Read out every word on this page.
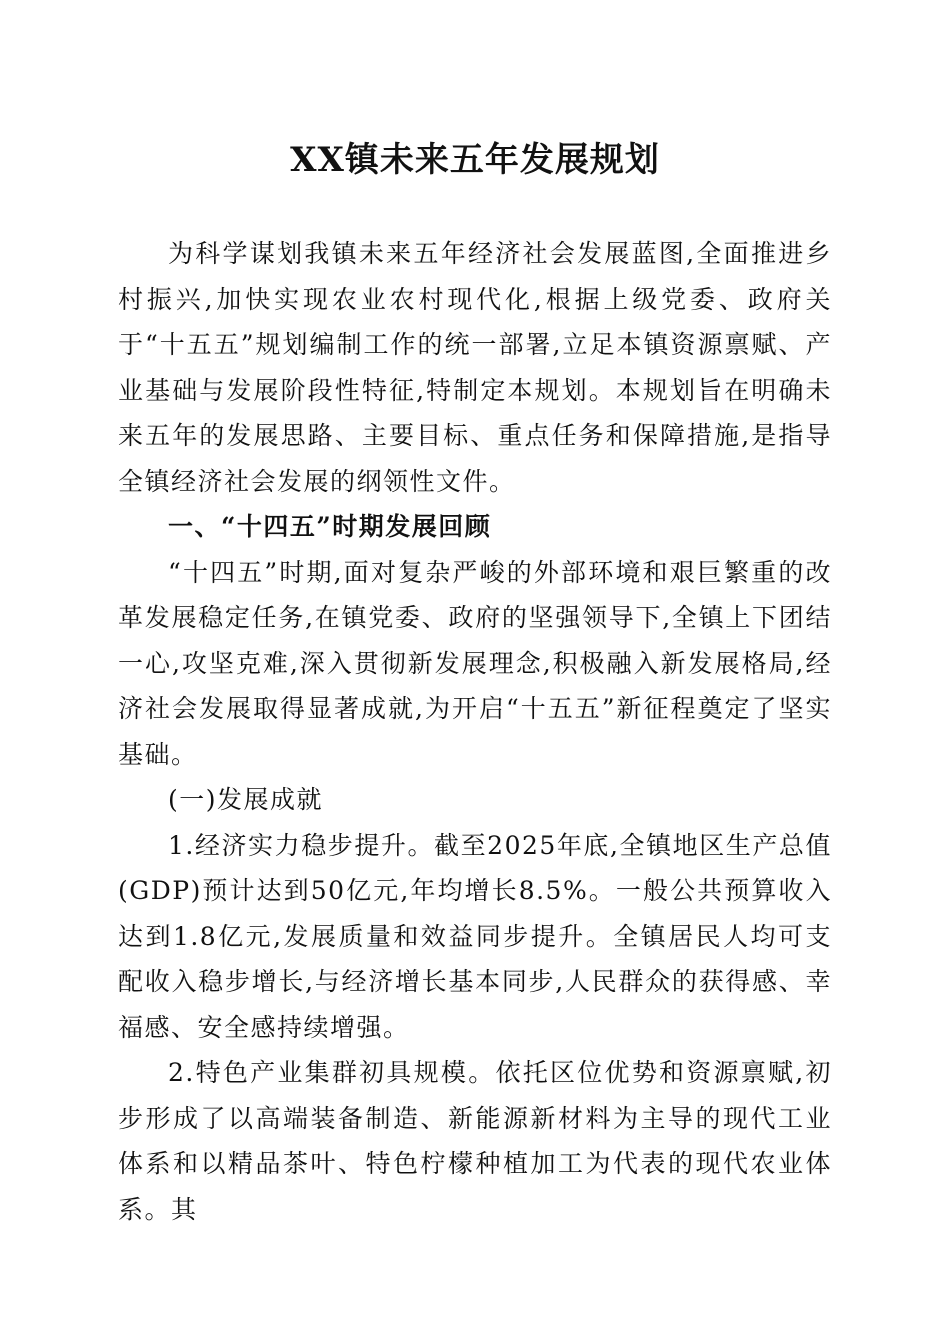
XX镇未来五年发展规划

为科学谋划我镇未来五年经济社会发展蓝图,全面推进乡村振兴,加快实现农业农村现代化,根据上级党委、政府关于“十五五”规划编制工作的统一部署,立足本镇资源禀赋、产业基础与发展阶段性特征,特制定本规划。本规划旨在明确未来五年的发展思路、主要目标、重点任务和保障措施,是指导全镇经济社会发展的纲领性文件。

一、“十四五”时期发展回顾

“十四五”时期,面对复杂严峻的外部环境和艰巨繁重的改革发展稳定任务,在镇党委、政府的坚强领导下,全镇上下团结一心,攻坚克难,深入贯彻新发展理念,积极融入新发展格局,经济社会发展取得显著成就,为开启“十五五”新征程奠定了坚实基础。

(一)发展成就

1.经济实力稳步提升。截至2025年底,全镇地区生产总值(GDP)预计达到50亿元,年均增长8.5%。一般公共预算收入达到1.8亿元,发展质量和效益同步提升。全镇居民人均可支配收入稳步增长,与经济增长基本同步,人民群众的获得感、幸福感、安全感持续增强。

2.特色产业集群初具规模。依托区位优势和资源禀赋,初步形成了以高端装备制造、新能源新材料为主导的现代工业体系和以精品茶叶、特色柠檬种植加工为代表的现代农业体系。其
